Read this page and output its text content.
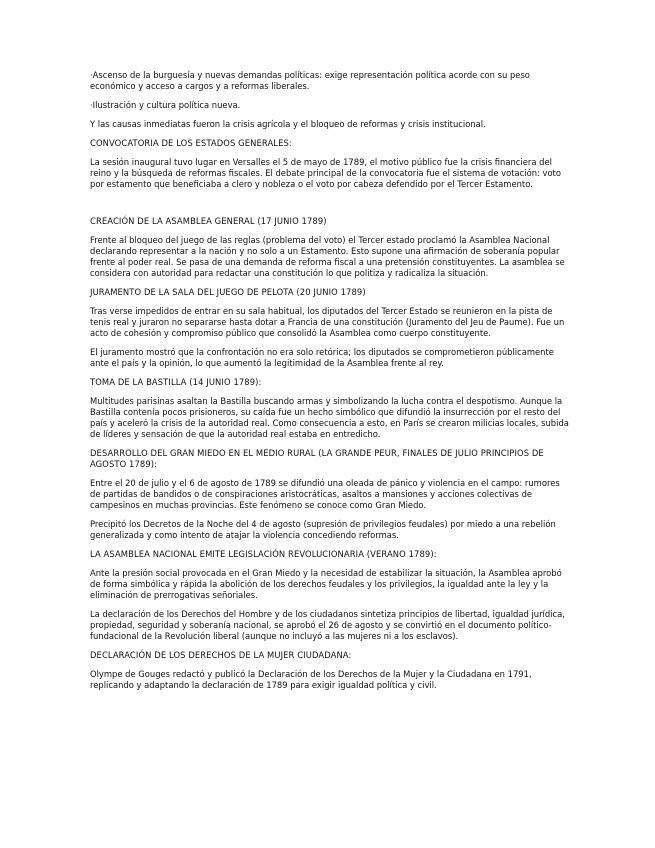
·Ascenso de la burguesía y nuevas demandas políticas: exige representación política acorde con su peso económico y acceso a cargos y a reformas liberales.

·Ilustración y cultura política nueva.

Y las causas inmediatas fueron la crisis agrícola y el bloqueo de reformas y crisis institucional.

CONVOCATORIA DE LOS ESTADOS GENERALES:

La sesión inaugural tuvo lugar en Versalles el 5 de mayo de 1789, el motivo público fue la crisis financiera del reino y la búsqueda de reformas fiscales. El debate principal de la convocatoria fue el sistema de votación: voto por estamento que beneficiaba a clero y nobleza o el voto por cabeza defendido por el Tercer Estamento.

CREACIÓN DE LA ASAMBLEA GENERAL (17 JUNIO 1789)

Frente al bloqueo del juego de las reglas (problema del voto) el Tercer estado proclamó la Asamblea Nacional declarando representar a la nación y no solo a un Estamento. Esto supone una afirmación de soberanía popular frente al poder real. Se pasa de una demanda de reforma fiscal a una pretensión constituyentes. La asamblea se considera con autoridad para redactar una constitución lo que politiza y radicaliza la situación.

JURAMENTO DE LA SALA DEL JUEGO DE PELOTA (20 JUNIO 1789)

Tras verse impedidos de entrar en su sala habitual, los diputados del Tercer Estado se reunieron en la pista de tenis real y juraron no separarse hasta dotar a Francia de una constitución (Juramento del Jeu de Paume). Fue un acto de cohesión y compromiso público que consolidó la Asamblea como cuerpo constituyente.

El juramento mostró que la confrontación no era solo retórica; los diputados se comprometieron públicamente ante el país y la opinión, lo que aumentó la legitimidad de la Asamblea frente al rey.

TOMA DE LA BASTILLA (14 JUNIO 1789):

Multitudes parisinas asaltan la Bastilla buscando armas y simbolizando la lucha contra el despotismo. Aunque la Bastilla contenía pocos prisioneros, su caída fue un hecho simbólico que difundió la insurrección por el resto del país y aceleró la crisis de la autoridad real. Como consecuencia a esto, en París se crearon milicias locales, subida de líderes y sensación de que la autoridad real estaba en entredicho.

DESARROLLO DEL GRAN MIEDO EN EL MEDIO RURAL (LA GRANDE PEUR, FINALES DE JULIO PRINCIPIOS DE AGOSTO 1789):

Entre el 20 de julio y el 6 de agosto de 1789 se difundió una oleada de pánico y violencia en el campo: rumores de partidas de bandidos o de conspiraciones aristocráticas, asaltos a mansiones y acciones colectivas de campesinos en muchas provincias. Este fenómeno se conoce como Gran Miedo.

Precipitó los Decretos de la Noche del 4 de agosto (supresión de privilegios feudales) por miedo a una rebelión generalizada y como intento de atajar la violencia concediendo reformas.

LA ASAMBLEA NACIONAL EMITE LEGISLACIÓN REVOLUCIONARIA (VERANO 1789):

Ante la presión social provocada en el Gran Miedo y la necesidad de estabilizar la situación, la Asamblea aprobó de forma simbólica y rápida la abolición de los derechos feudales y los privilegios, la igualdad ante la ley y la eliminación de prerrogativas señoriales.

La declaración de los Derechos del Hombre y de los ciudadanos sintetiza principios de libertad, igualdad jurídica, propiedad, seguridad y soberanía nacional, se aprobó el 26 de agosto y se convirtió en el documento político-fundacional de la Revolución liberal (aunque no incluyó a las mujeres ni a los esclavos).

DECLARACIÓN DE LOS DERECHOS DE LA MUJER CIUDADANA:

Olympe de Gouges redactó y publicó la Declaración de los Derechos de la Mujer y la Ciudadana en 1791, replicando y adaptando la declaración de 1789 para exigir igualdad política y civil.
